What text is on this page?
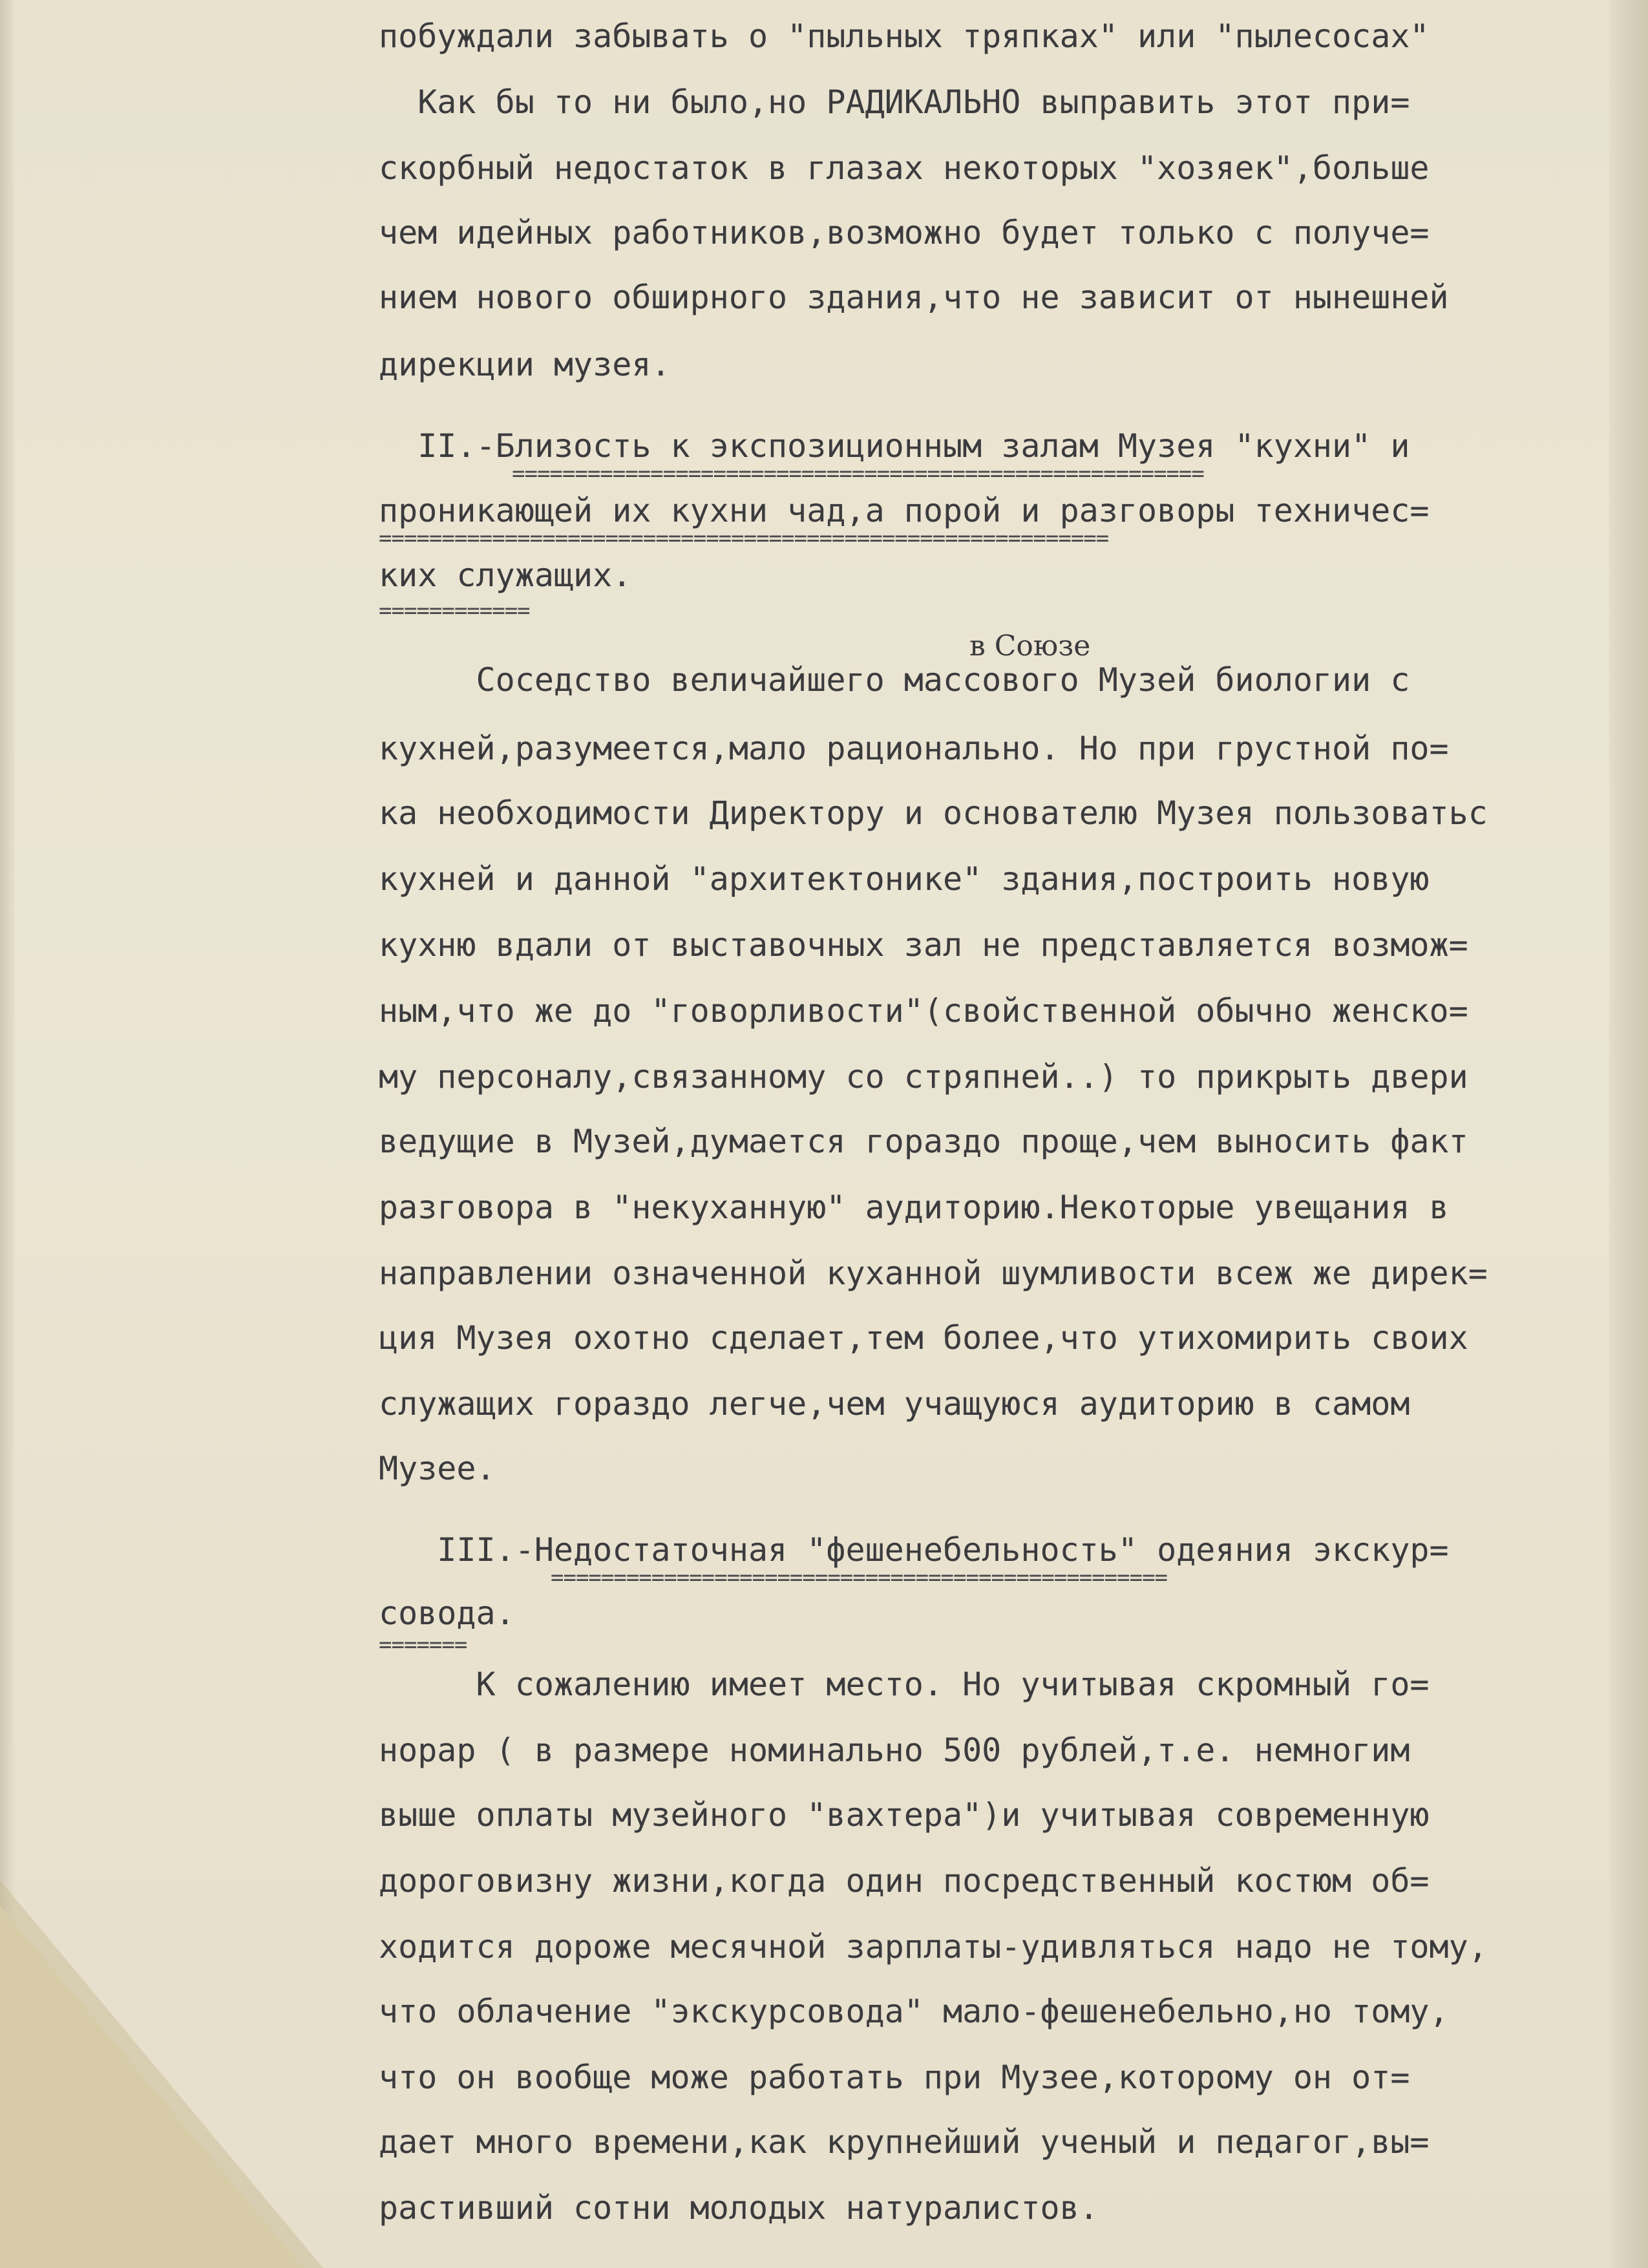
побуждали забывать о "пыльных тряпках" или "пылесосах"
Как бы то ни было,но РАДИКАЛЬНО выправить этот при=
скорбный недостаток в глазах некоторых "хозяек",больше
чем идейных работников,возможно будет только с получе=
нием нового обширного здания,что не зависит от нынешней
дирекции музея.
II.-Близость к экспозиционным залам Музея "кухни" и
=======================================================
проникающей их кухни чад,а порой и разговоры техничес=
==========================================================
ких служащих.
============
в Союзе
Соседство величайшего массового Музей биологии с
кухней,разумеется,мало рационально. Но при грустной по=
ка необходимости Директору и основателю Музея пользоватьс
кухней и данной "архитектонике" здания,построить новую
кухню вдали от выставочных зал не представляется возмож=
ным,что же до "говорливости"(свойственной обычно женско=
му персоналу,связанному со стряпней..) то прикрыть двери
ведущие в Музей,думается гораздо проще,чем выносить факт
разговора в "некуханную" аудиторию.Некоторые увещания в
направлении означенной куханной шумливости всеж же дирек=
ция Музея охотно сделает,тем более,что утихомирить своих
служащих гораздо легче,чем учащуюся аудиторию в самом
Музее.
III.-Недостаточная "фешенебельность" одеяния экскур=
=================================================
совода.
=======
К сожалению имеет место. Но учитывая скромный го=
норар ( в размере номинально 500 рублей,т.е. немногим
выше оплаты музейного "вахтера")и учитывая современную
дороговизну жизни,когда один посредственный костюм об=
ходится дороже месячной зарплаты-удивляться надо не тому,
что облачение "экскурсовода" мало-фешенебельно,но тому,
что он вообще може работать при Музее,которому он от=
дает много времени,как крупнейший ученый и педагог,вы=
растивший сотни молодых натуралистов.
